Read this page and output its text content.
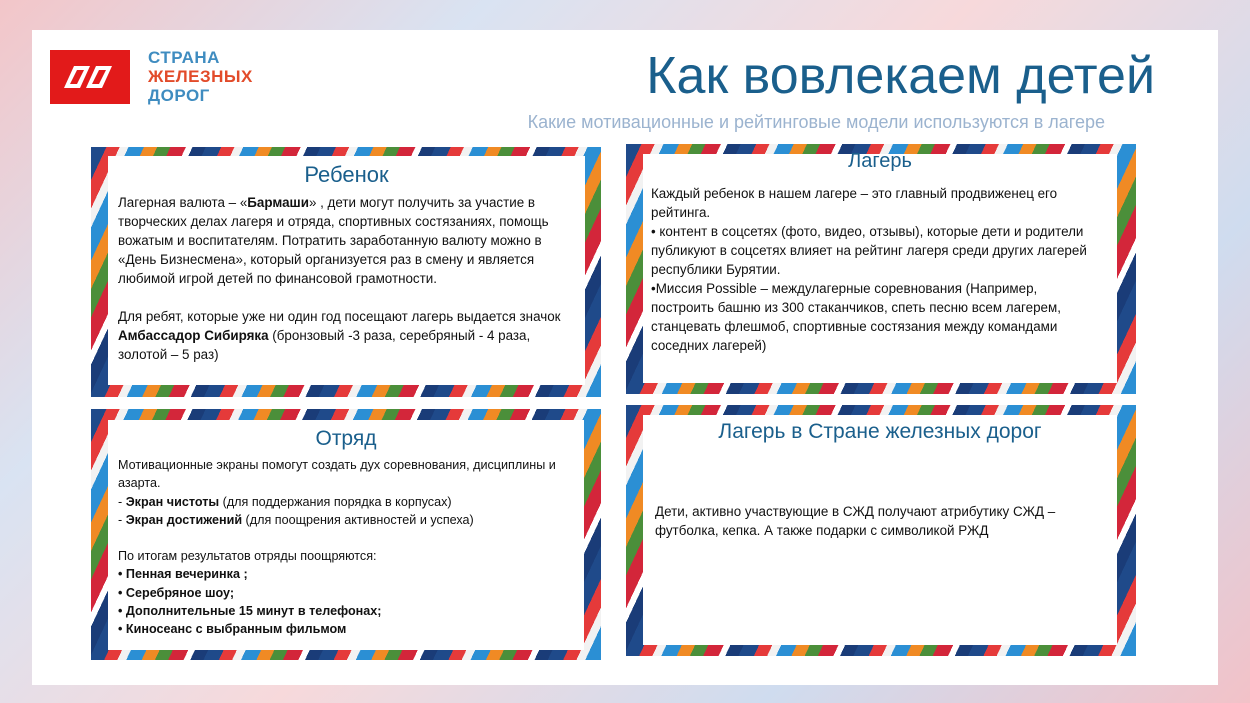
СТРАНА
ЖЕЛЕЗНЫХ
ДОРОГ	Как вовлекаем детей
Какие мотивационные и рейтинговые модели используются в лагере
Ребенок

Лагерная валюта – «Бармаши» , дети могут получить за участие в творческих делах лагеря и отряда, спортивных состязаниях, помощь вожатым и воспитателям. Потратить заработанную валюту можно в «День Бизнесмена», который организуется раз в смену и является любимой игрой детей по финансовой грамотности.

Для ребят, которые уже ни один год посещают лагерь выдается значок Амбассадор Сибиряка (бронзовый -3 раза, серебряный - 4 раза, золотой – 5 раз)

Лагерь

Каждый ребенок в нашем лагере – это главный продвиженец его рейтинга.

• контент в соцсетях (фото, видео, отзывы), которые дети и родители публикуют в соцсетях влияет на рейтинг лагеря среди других лагерей республики Бурятии.

•Миссия Possible – междулагерные соревнования (Например, построить башню из 300 стаканчиков, спеть песню всем лагерем, станцевать флешмоб, спортивные состязания между командами соседних лагерей)

Отряд

Мотивационные экраны помогут создать дух соревнования, дисциплины и азарта.

- Экран чистоты (для поддержания порядка в корпусах)

- Экран достижений (для поощрения активностей и успеха)

По итогам результатов отряды поощряются:

• Пенная вечеринка ;

• Серебряное шоу;

• Дополнительные 15 минут в телефонах;

• Киносеанс с выбранным фильмом

Лагерь в Стране железных дорог

Дети, активно участвующие в СЖД получают атрибутику СЖД – футболка, кепка. А также подарки с символикой РЖД
